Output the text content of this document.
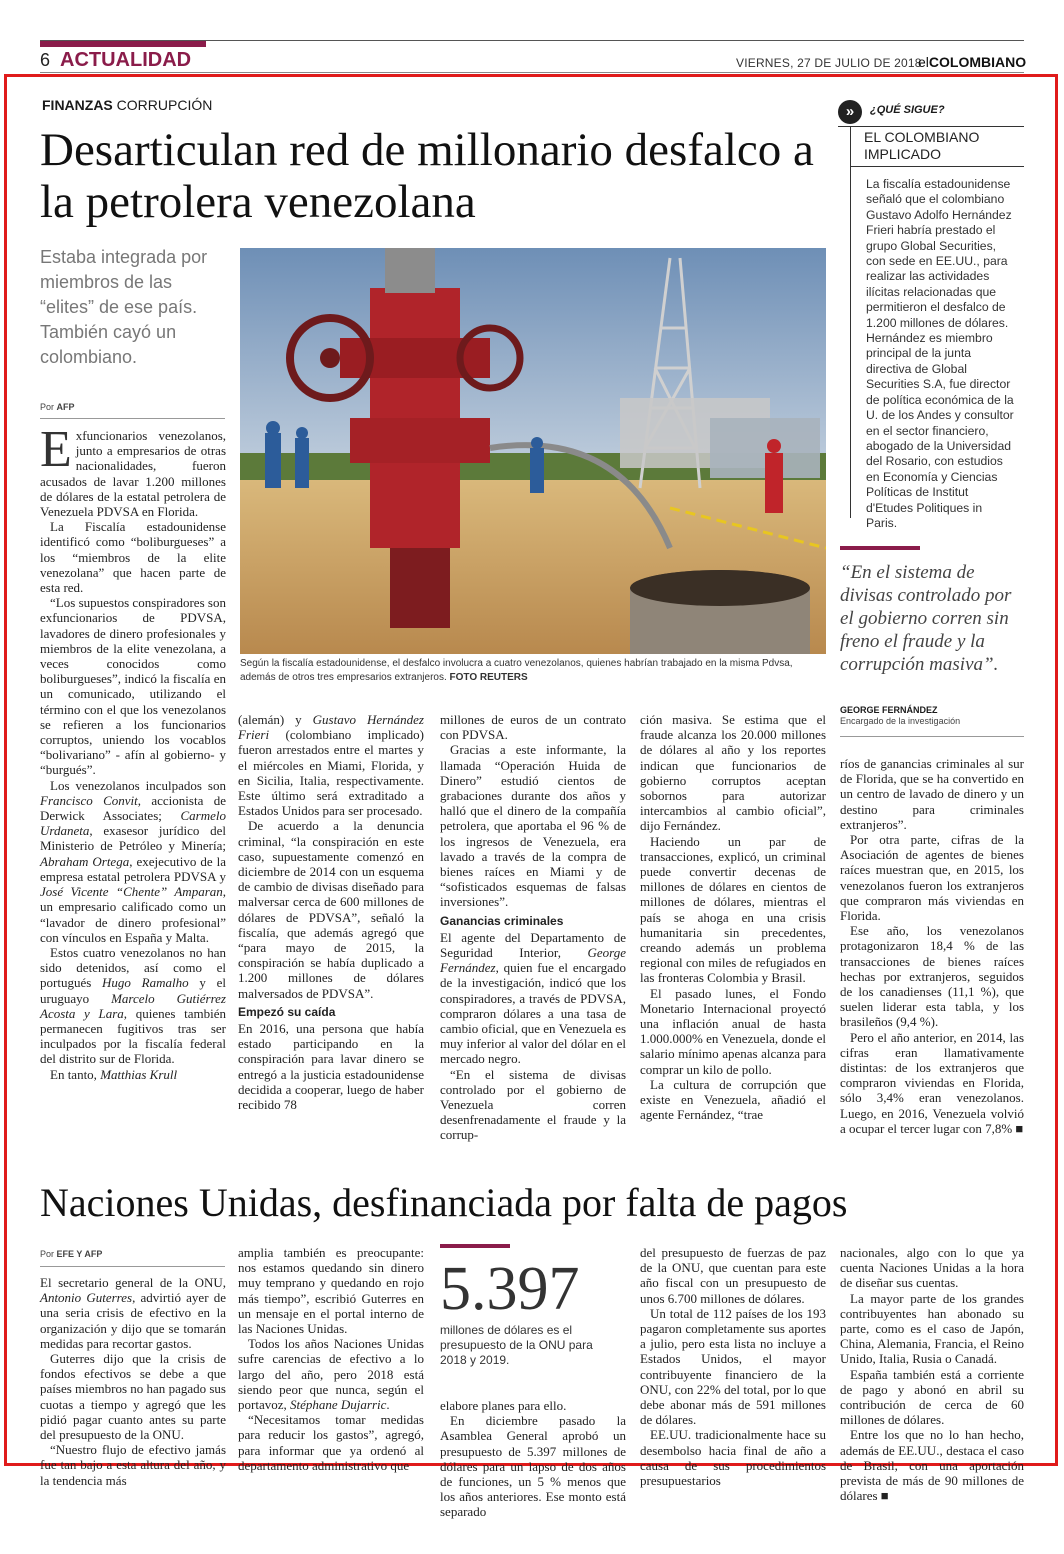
6 ACTUALIDAD	VIERNES, 27 DE JULIO DE 2018
elCOLOMBIANO
FINANZAS CORRUPCIÓN
Desarticulan red de millonario desfalco a la petrolera venezolana
Estaba integrada por miembros de las “elites” de ese país. También cayó un colombiano.
Por AFP
Según la fiscalía estadounidense, el desfalco involucra a cuatro venezolanos, quienes habrían trabajado en la misma Pdvsa, además de otros tres empresarios extranjeros. FOTO REUTERS

Exfuncionarios venezolanos, junto a empresarios de otras nacionalidades, fueron acusados de lavar 1.200 millones de dólares de la estatal petrolera de Venezuela PDVSA en Florida.

La Fiscalía estadounidense identificó como “boliburgueses” a los “miembros de la elite venezolana” que hacen parte de esta red.

“Los supuestos conspiradores son exfuncionarios de PDVSA, lavadores de dinero profesionales y miembros de la elite venezolana, a veces conocidos como boliburgueses”, indicó la fiscalía en un comunicado, utilizando el término con el que los venezolanos se refieren a los funcionarios corruptos, uniendo los vocablos “bolivariano” - afín al gobierno- y “burgués”.

Los venezolanos inculpados son Francisco Convit, accionista de Derwick Associates; Carmelo Urdaneta, exasesor jurídico del Ministerio de Petróleo y Minería; Abraham Ortega, exejecutivo de la empresa estatal petrolera PDVSA y José Vicente “Chente” Amparan, un empresario calificado como un “lavador de dinero profesional” con vínculos en España y Malta.

Estos cuatro venezolanos no han sido detenidos, así como el portugués Hugo Ramalho y el uruguayo Marcelo Gutiérrez Acosta y Lara, quienes también permanecen fugitivos tras ser inculpados por la fiscalía federal del distrito sur de Florida.

En tanto, Matthias Krull

(alemán) y Gustavo Hernández Frieri (colombiano implicado) fueron arrestados entre el martes y el miércoles en Miami, Florida, y en Sicilia, Italia, respectivamente. Este último será extraditado a Estados Unidos para ser procesado.

De acuerdo a la denuncia criminal, “la conspiración en este caso, supuestamente comenzó en diciembre de 2014 con un esquema de cambio de divisas diseñado para malversar cerca de 600 millones de dólares de PDVSA”, señaló la fiscalía, que además agregó que “para mayo de 2015, la conspiración se había duplicado a 1.200 millones de dólares malversados de PDVSA”.

Empezó su caída

En 2016, una persona que había estado participando en la conspiración para lavar dinero se entregó a la justicia estadounidense decidida a cooperar, luego de haber recibido 78

millones de euros de un contrato con PDVSA.

Gracias a este informante, la llamada “Operación Huida de Dinero” estudió cientos de grabaciones durante dos años y halló que el dinero de la compañía petrolera, que aportaba el 96 % de los ingresos de Venezuela, era lavado a través de la compra de bienes raíces en Miami y de “sofisticados esquemas de falsas inversiones”.

Ganancias criminales

El agente del Departamento de Seguridad Interior, George Fernández, quien fue el encargado de la investigación, indicó que los conspiradores, a través de PDVSA, compraron dólares a una tasa de cambio oficial, que en Venezuela es muy inferior al valor del dólar en el mercado negro.

“En el sistema de divisas controlado por el gobierno de Venezuela corren desenfrenadamente el fraude y la corrup-

ción masiva. Se estima que el fraude alcanza los 20.000 millones de dólares al año y los reportes indican que funcionarios de gobierno corruptos aceptan sobornos para autorizar intercambios al cambio oficial”, dijo Fernández.

Haciendo un par de transacciones, explicó, un criminal puede convertir decenas de millones de dólares en cientos de millones de dólares, mientras el país se ahoga en una crisis humanitaria sin precedentes, creando además un problema regional con miles de refugiados en las fronteras Colombia y Brasil.

El pasado lunes, el Fondo Monetario Internacional proyectó una inflación anual de hasta 1.000.000% en Venezuela, donde el salario mínimo apenas alcanza para comprar un kilo de pollo.

La cultura de corrupción que existe en Venezuela, añadió el agente Fernández, “trae

ríos de ganancias criminales al sur de Florida, que se ha convertido en un centro de lavado de dinero y un destino para criminales extranjeros”.

Por otra parte, cifras de la Asociación de agentes de bienes raíces muestran que, en 2015, los venezolanos fueron los extranjeros que compraron más viviendas en Florida.

Ese año, los venezolanos protagonizaron 18,4 % de las transacciones de bienes raíces hechas por extranjeros, seguidos de los canadienses (11,1 %), que suelen liderar esta tabla, y los brasileños (9,4 %).

Pero el año anterior, en 2014, las cifras eran llamativamente distintas: de los extranjeros que compraron viviendas en Florida, sólo 3,4% eran venezolanos. Luego, en 2016, Venezuela volvió a ocupar el tercer lugar con 7,8% ■

»	¿QUÉ SIGUE?
EL COLOMBIANO IMPLICADO
La fiscalía estadounidense señaló que el colombiano Gustavo Adolfo Hernández Frieri habría prestado el grupo Global Securities, con sede en EE.UU., para realizar las actividades ilícitas relacionadas que permitieron el desfalco de 1.200 millones de dólares. Hernández es miembro principal de la junta directiva de Global Securities S.A, fue director de política económica de la U. de los Andes y consultor en el sector financiero, abogado de la Universidad del Rosario, con estudios en Economía y Ciencias Políticas de Institut d'Etudes Politiques in Paris.
“En el sistema de divisas controlado por el gobierno corren sin freno el fraude y la corrupción masiva”.
GEORGE FERNÁNDEZ
Encargado de la investigación
Naciones Unidas, desfinanciada por falta de pagos
Por EFE Y AFP

El secretario general de la ONU, Antonio Guterres, advirtió ayer de una seria crisis de efectivo en la organización y dijo que se tomarán medidas para recortar gastos.

Guterres dijo que la crisis de fondos efectivos se debe a que países miembros no han pagado sus cuotas a tiempo y agregó que les pidió pagar cuanto antes su parte del presupuesto de la ONU.

“Nuestro flujo de efectivo jamás fue tan bajo a esta altura del año, y la tendencia más

amplia también es preocupante: nos estamos quedando sin dinero muy temprano y quedando en rojo más tiempo”, escribió Guterres en un mensaje en el portal interno de las Naciones Unidas.

Todos los años Naciones Unidas sufre carencias de efectivo a lo largo del año, pero 2018 está siendo peor que nunca, según el portavoz, Stéphane Dujarric.

“Necesitamos tomar medidas para reducir los gastos”, agregó, para informar que ya ordenó al departamento administrativo que

5.397
millones de dólares es el presupuesto de la ONU para 2018 y 2019.

elabore planes para ello.

En diciembre pasado la Asamblea General aprobó un presupuesto de 5.397 millones de dólares para un lapso de dos años de funciones, un 5 % menos que los años anteriores. Ese monto está separado

del presupuesto de fuerzas de paz de la ONU, que cuentan para este año fiscal con un presupuesto de unos 6.700 millones de dólares.

Un total de 112 países de los 193 pagaron completamente sus aportes a julio, pero esta lista no incluye a Estados Unidos, el mayor contribuyente financiero de la ONU, con 22% del total, por lo que debe abonar más de 591 millones de dólares.

EE.UU. tradicionalmente hace su desembolso hacia final de año a causa de sus procedimientos presupuestarios

nacionales, algo con lo que ya cuenta Naciones Unidas a la hora de diseñar sus cuentas.

La mayor parte de los grandes contribuyentes han abonado su parte, como es el caso de Japón, China, Alemania, Francia, el Reino Unido, Italia, Rusia o Canadá.

España también está a corriente de pago y abonó en abril su contribución de cerca de 60 millones de dólares.

Entre los que no lo han hecho, además de EE.UU., destaca el caso de Brasil, con una aportación prevista de más de 90 millones de dólares ■
